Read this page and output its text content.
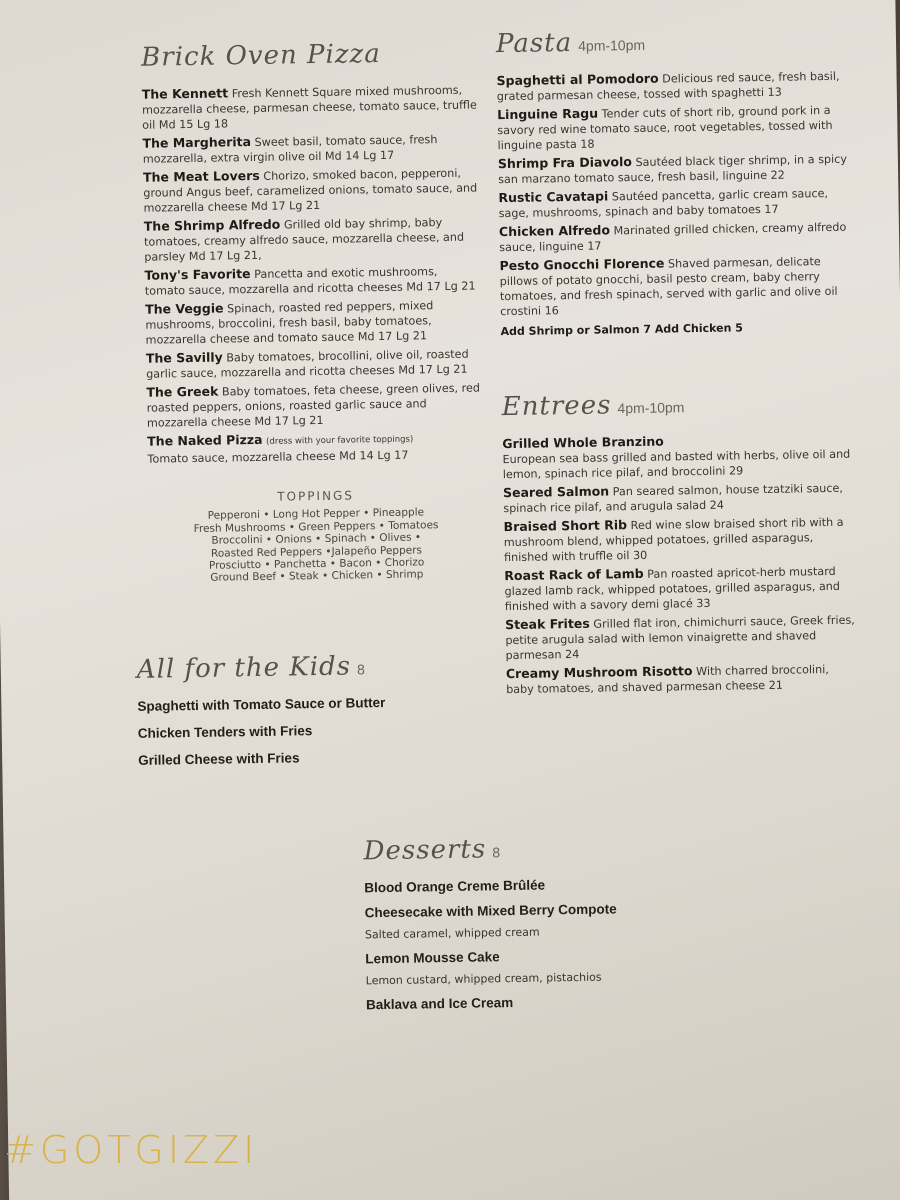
Brick Oven Pizza
The Kennett Fresh Kennett Square mixed mushrooms, mozzarella cheese, parmesan cheese, tomato sauce, truffle oil Md 15 Lg 18
The Margherita Sweet basil, tomato sauce, fresh mozzarella, extra virgin olive oil Md 14 Lg 17
The Meat Lovers Chorizo, smoked bacon, pepperoni, ground Angus beef, caramelized onions, tomato sauce, and mozzarella cheese Md 17 Lg 21
The Shrimp Alfredo Grilled old bay shrimp, baby tomatoes, creamy alfredo sauce, mozzarella cheese, and parsley Md 17 Lg 21,
Tony's Favorite Pancetta and exotic mushrooms, tomato sauce, mozzarella and ricotta cheeses Md 17 Lg 21
The Veggie Spinach, roasted red peppers, mixed mushrooms, broccolini, fresh basil, baby tomatoes, mozzarella cheese and tomato sauce Md 17 Lg 21
The Savilly Baby tomatoes, brocollini, olive oil, roasted garlic sauce, mozzarella and ricotta cheeses Md 17 Lg 21
The Greek Baby tomatoes, feta cheese, green olives, red roasted peppers, onions, roasted garlic sauce and mozzarella cheese Md 17 Lg 21
The Naked Pizza (dress with your favorite toppings)
Tomato sauce, mozzarella cheese Md 14 Lg 17
TOPPINGS
Pepperoni • Long Hot Pepper • Pineapple
Fresh Mushrooms • Green Peppers • Tomatoes
Broccolini • Onions • Spinach • Olives •
Roasted Red Peppers •Jalapeño Peppers
Prosciutto • Panchetta • Bacon • Chorizo
Ground Beef • Steak • Chicken • Shrimp
All for the Kids 8
Spaghetti with Tomato Sauce or Butter
Chicken Tenders with Fries
Grilled Cheese with Fries
Pasta 4pm-10pm
Spaghetti al Pomodoro Delicious red sauce, fresh basil, grated parmesan cheese, tossed with spaghetti 13
Linguine Ragu Tender cuts of short rib, ground pork in a savory red wine tomato sauce, root vegetables, tossed with linguine pasta 18
Shrimp Fra Diavolo Sautéed black tiger shrimp, in a spicy san marzano tomato sauce, fresh basil, linguine 22
Rustic Cavatapi Sautéed pancetta, garlic cream sauce, sage, mushrooms, spinach and baby tomatoes 17
Chicken Alfredo Marinated grilled chicken, creamy alfredo sauce, linguine 17
Pesto Gnocchi Florence Shaved parmesan, delicate pillows of potato gnocchi, basil pesto cream, baby cherry tomatoes, and fresh spinach, served with garlic and olive oil crostini 16
Add Shrimp or Salmon 7 Add Chicken 5
Entrees 4pm-10pm
Grilled Whole Branzino
European sea bass grilled and basted with herbs, olive oil and lemon, spinach rice pilaf, and broccolini 29
Seared Salmon Pan seared salmon, house tzatziki sauce, spinach rice pilaf, and arugula salad 24
Braised Short Rib Red wine slow braised short rib with a mushroom blend, whipped potatoes, grilled asparagus, finished with truffle oil 30
Roast Rack of Lamb Pan roasted apricot-herb mustard glazed lamb rack, whipped potatoes, grilled asparagus, and finished with a savory demi glacé 33
Steak Frites Grilled flat iron, chimichurri sauce, Greek fries, petite arugula salad with lemon vinaigrette and shaved parmesan 24
Creamy Mushroom Risotto With charred broccolini, baby tomatoes, and shaved parmesan cheese 21
Desserts 8
Blood Orange Creme Brûlée
Cheesecake with Mixed Berry Compote
Salted caramel, whipped cream
Lemon Mousse Cake
Lemon custard, whipped cream, pistachios
Baklava and Ice Cream
#GOTGIZZI
